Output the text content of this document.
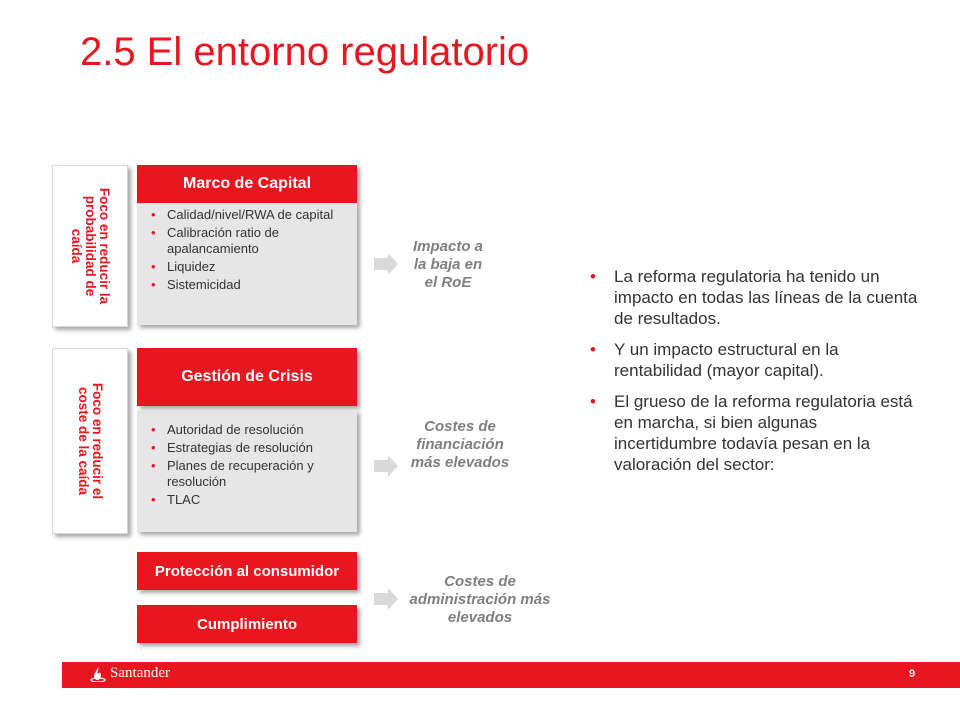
2.5 El entorno regulatorio
Foco en reducir la
probabilidad de
caída
Foco en reducir el
coste de la caída
Marco de Capital
• Calidad/nivel/RWA de capital
• Calibración ratio de apalancamiento
• Liquidez
• Sistemicidad
Gestión de Crisis
• Autoridad de resolución
• Estrategias de resolución
• Planes de recuperación y resolución
• TLAC
Protección al consumidor
Cumplimiento
Impacto a la baja en el RoE
Costes de financiación más elevados
Costes de administración más elevados
• La reforma regulatoria ha tenido un impacto en todas las líneas de la cuenta de resultados.
• Y un impacto estructural en la rentabilidad (mayor capital).
• El grueso de la reforma regulatoria está en marcha, si bien algunas incertidumbre todavía pesan en la valoración del sector:
Santander	9
